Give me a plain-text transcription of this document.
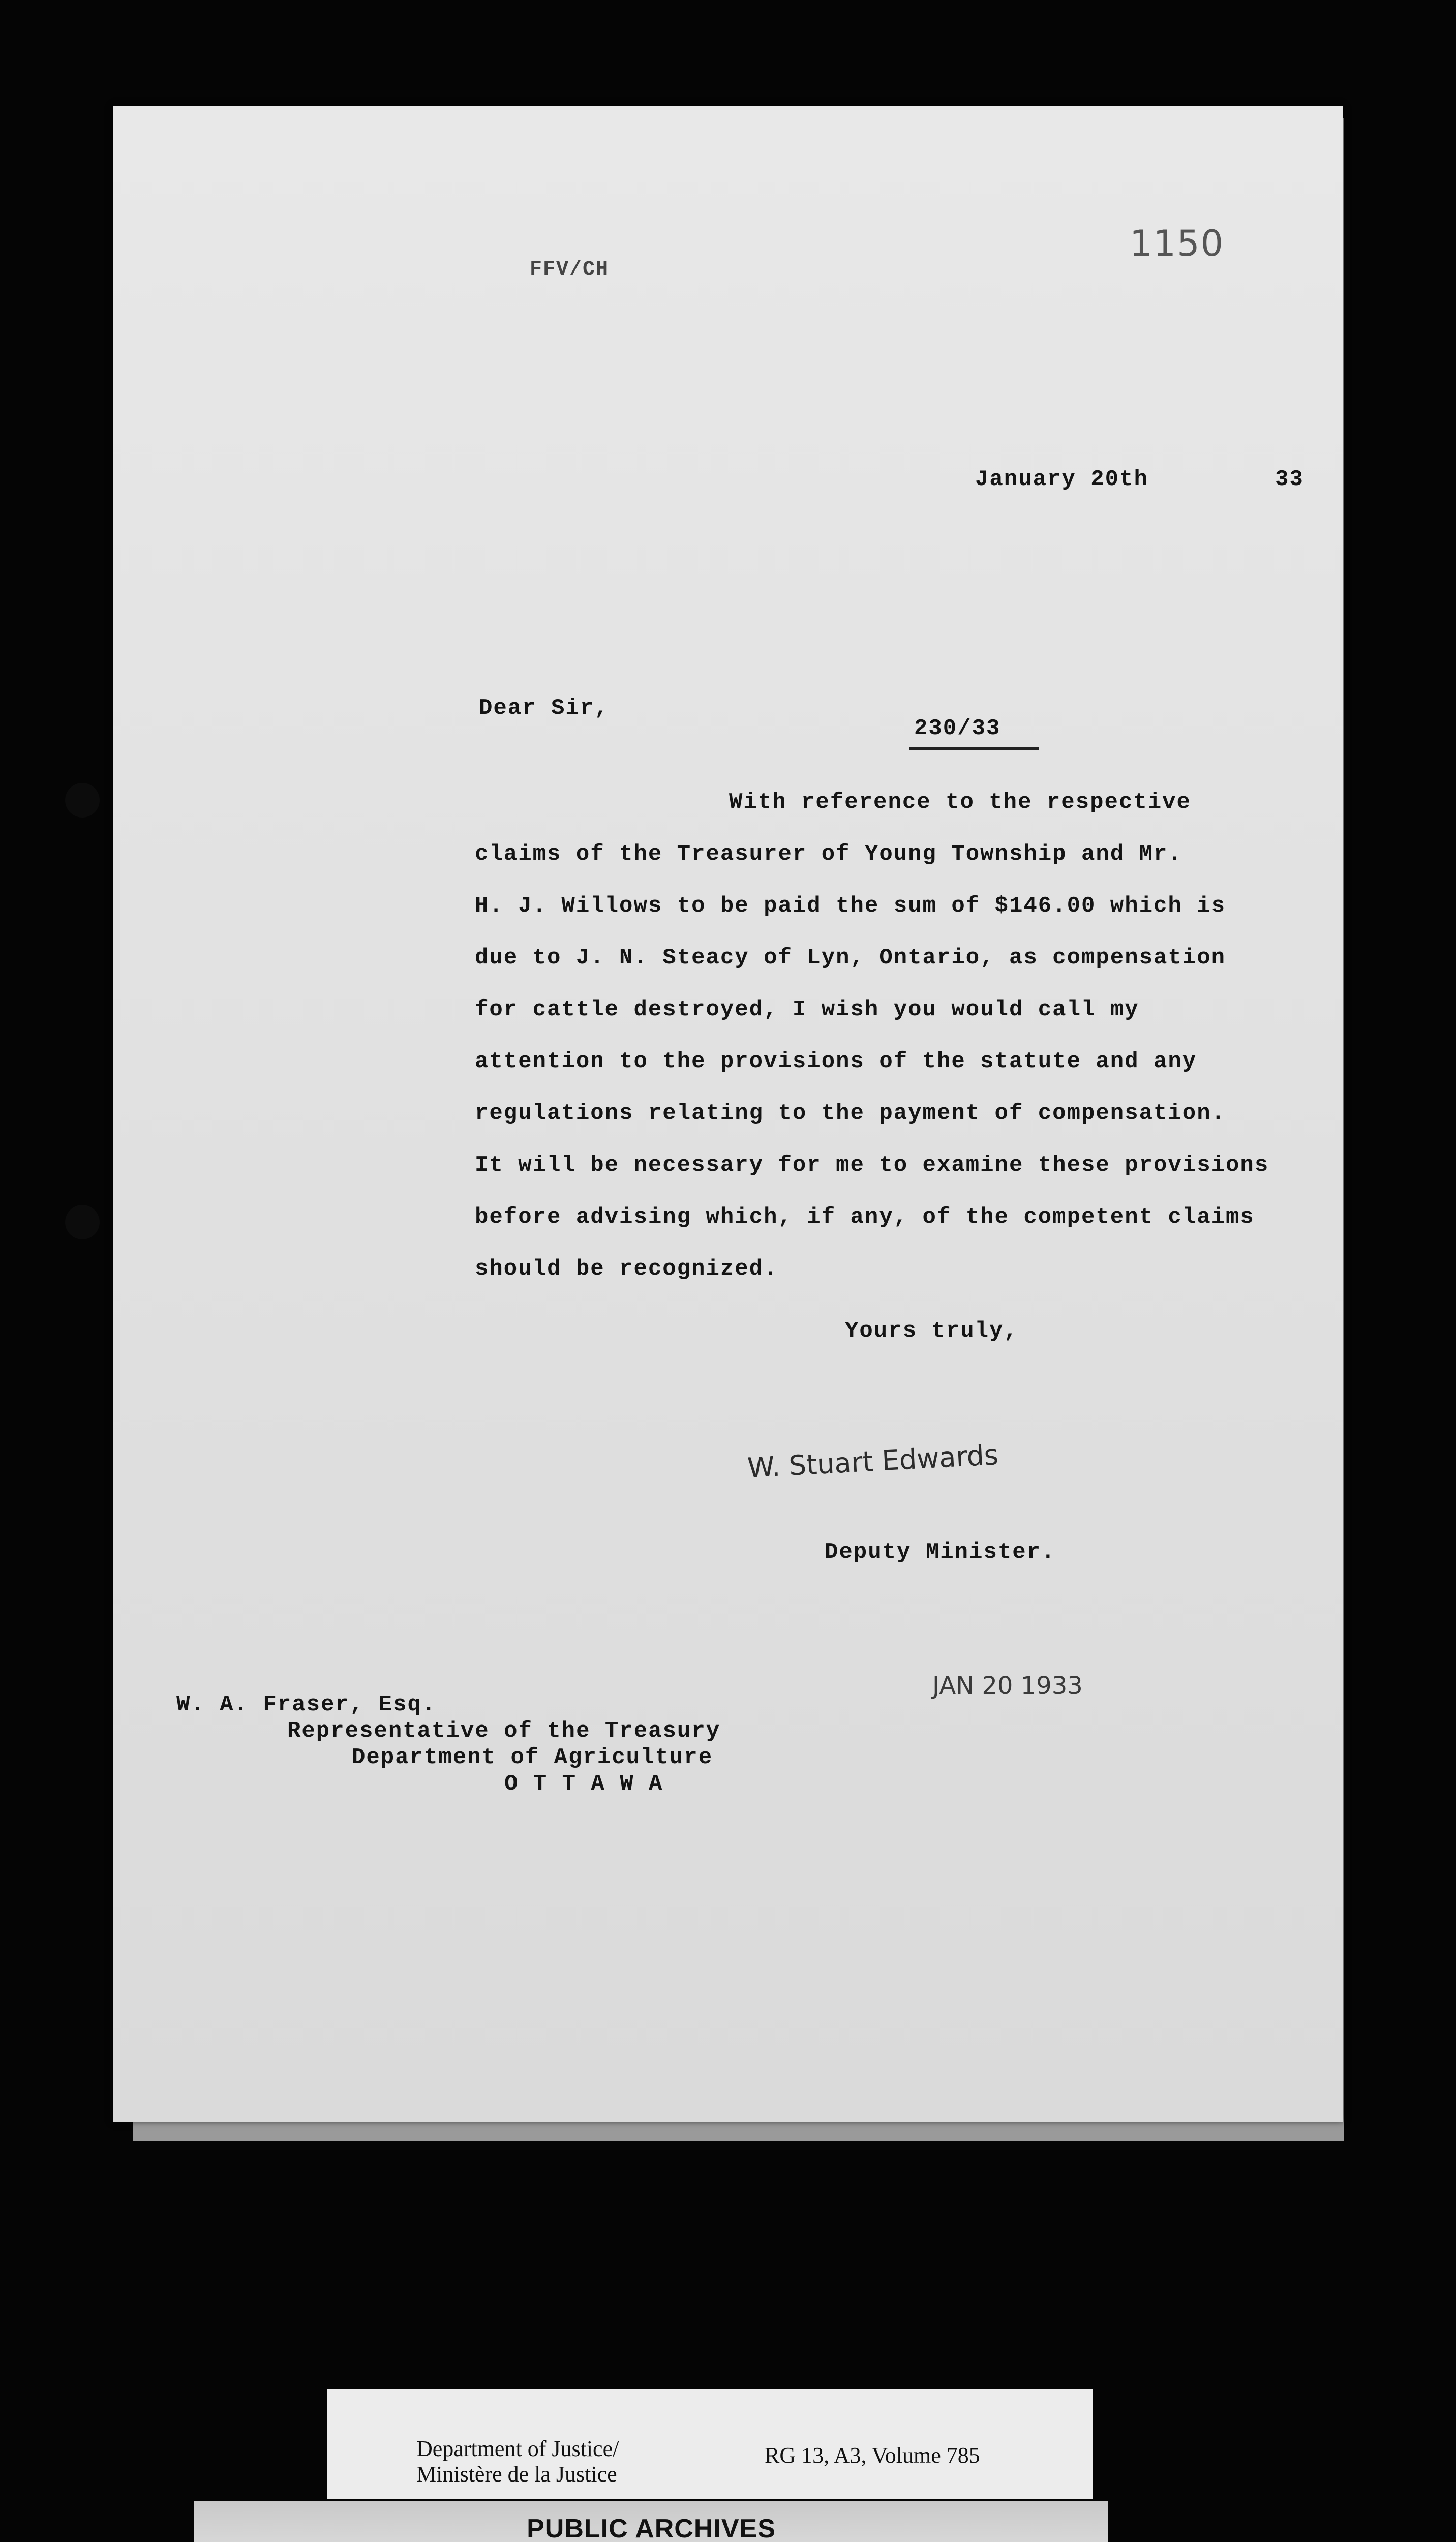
FFV/CH
1150
January 20th	33
Dear Sir,
230/33
With reference to the respective
claims of the Treasurer of Young Township and Mr.
H. J. Willows to be paid the sum of $146.00 which is
due to J. N. Steacy of Lyn, Ontario, as compensation
for cattle destroyed, I wish you would call my
attention to the provisions of the statute and any
regulations relating to the payment of compensation.
It will be necessary for me to examine these provisions
before advising which, if any, of the competent claims
should be recognized.
Yours truly,
W. Stuart Edwards
Deputy Minister.
JAN 20 1933
W. A. Fraser, Esq.
Representative of the Treasury
Department of Agriculture
O T T A W A
Department of Justice/
Ministère de la Justice
RG 13, A3, Volume 785
PUBLIC ARCHIVES
